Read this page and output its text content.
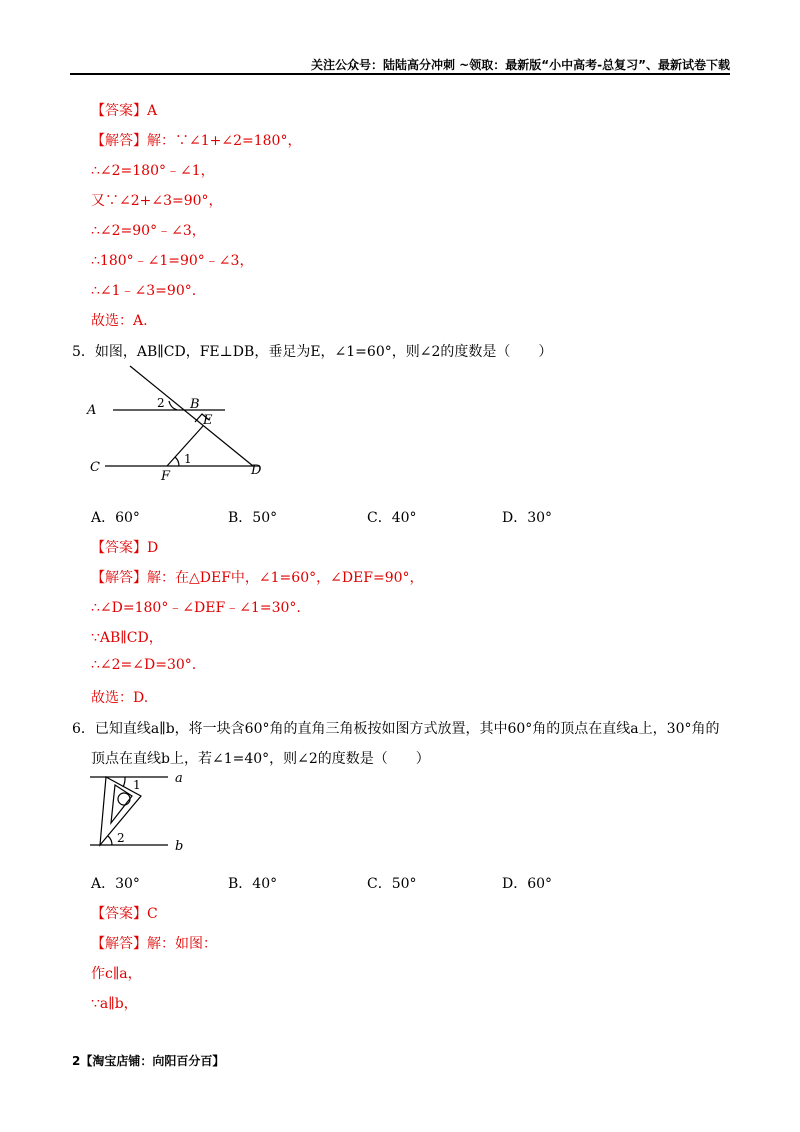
关注公众号：陆陆高分冲刺 ~领取：最新版“小中高考-总复习”、最新试卷下载
【答案】A
【解答】解：∵∠1+∠2=180°，
∴∠2=180°﹣∠1，
又∵∠2+∠3=90°，
∴∠2=90°﹣∠3，
∴180°﹣∠1=90°﹣∠3，
∴∠1﹣∠3=90°.
故选：A.
5．如图，AB∥CD，FE⊥DB，垂足为E，∠1=60°，则∠2的度数是（　　）
A	B
C	D
E
F
1
2
A．60°	B．50°	C．40°	D．30°
【答案】D
【解答】解：在△DEF中，∠1=60°，∠DEF=90°，
∴∠D=180°﹣∠DEF﹣∠1=30°.
∵AB∥CD，
∴∠2=∠D=30°.
故选：D.
6．已知直线a∥b，将一块含60°角的直角三角板按如图方式放置，其中60°角的顶点在直线a上，30°角的
顶点在直线b上，若∠1=40°，则∠2的度数是（　　）
1
2
a
b
A．30°	B．40°	C．50°	D．60°
【答案】C
【解答】解：如图：
作c∥a，
∵a∥b，
2【淘宝店铺：向阳百分百】
